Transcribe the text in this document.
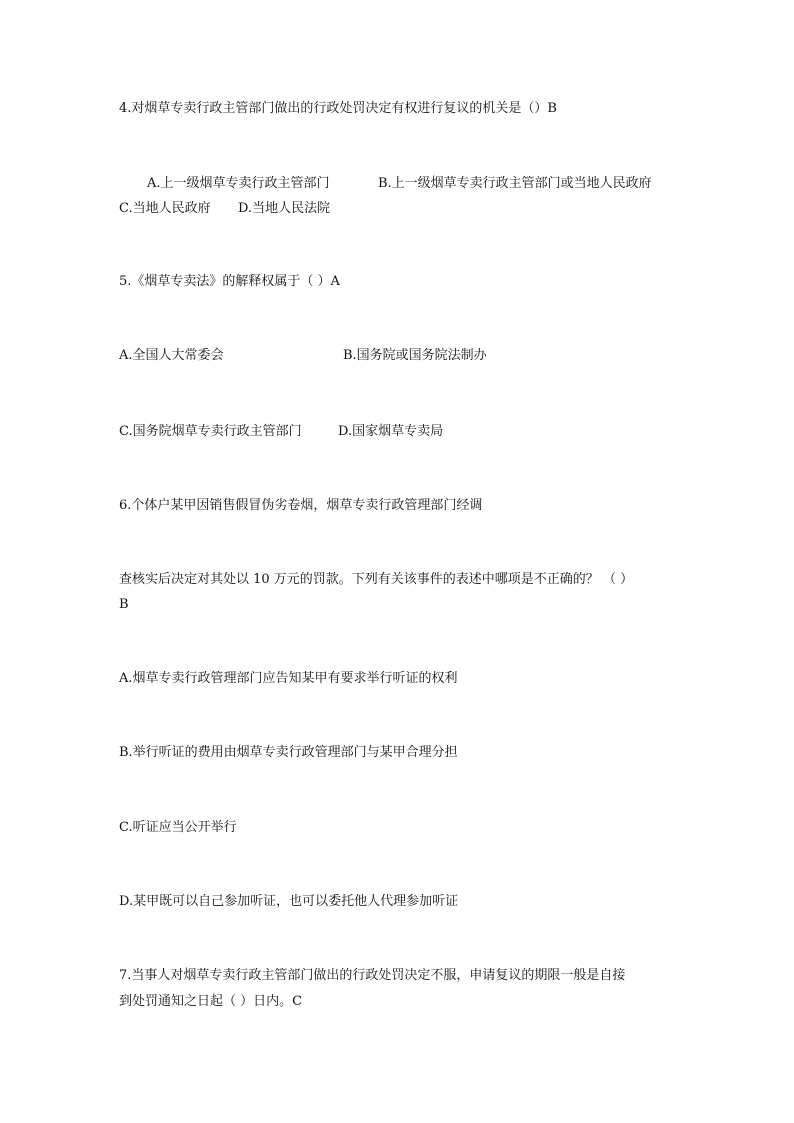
4.对烟草专卖行政主管部门做出的行政处罚决定有权进行复议的机关是（）B
A.上一级烟草专卖行政主管部门	B.上一级烟草专卖行政主管部门或当地人民政府
C.当地人民政府 D.当地人民法院
5.《烟草专卖法》的解释权属于（ ）A
A.全国人大常委会	B.国务院或国务院法制办
C.国务院烟草专卖行政主管部门	D.国家烟草专卖局
6.个体户某甲因销售假冒伪劣卷烟，烟草专卖行政管理部门经调
查核实后决定对其处以 10 万元的罚款。下列有关该事件的表述中哪项是不正确的？ （ ）
B
A.烟草专卖行政管理部门应告知某甲有要求举行听证的权利
B.举行听证的费用由烟草专卖行政管理部门与某甲合理分担
C.听证应当公开举行
D.某甲既可以自己参加听证，也可以委托他人代理参加听证
7.当事人对烟草专卖行政主管部门做出的行政处罚决定不服，申请复议的期限一般是自接
到处罚通知之日起（ ）日内。C
